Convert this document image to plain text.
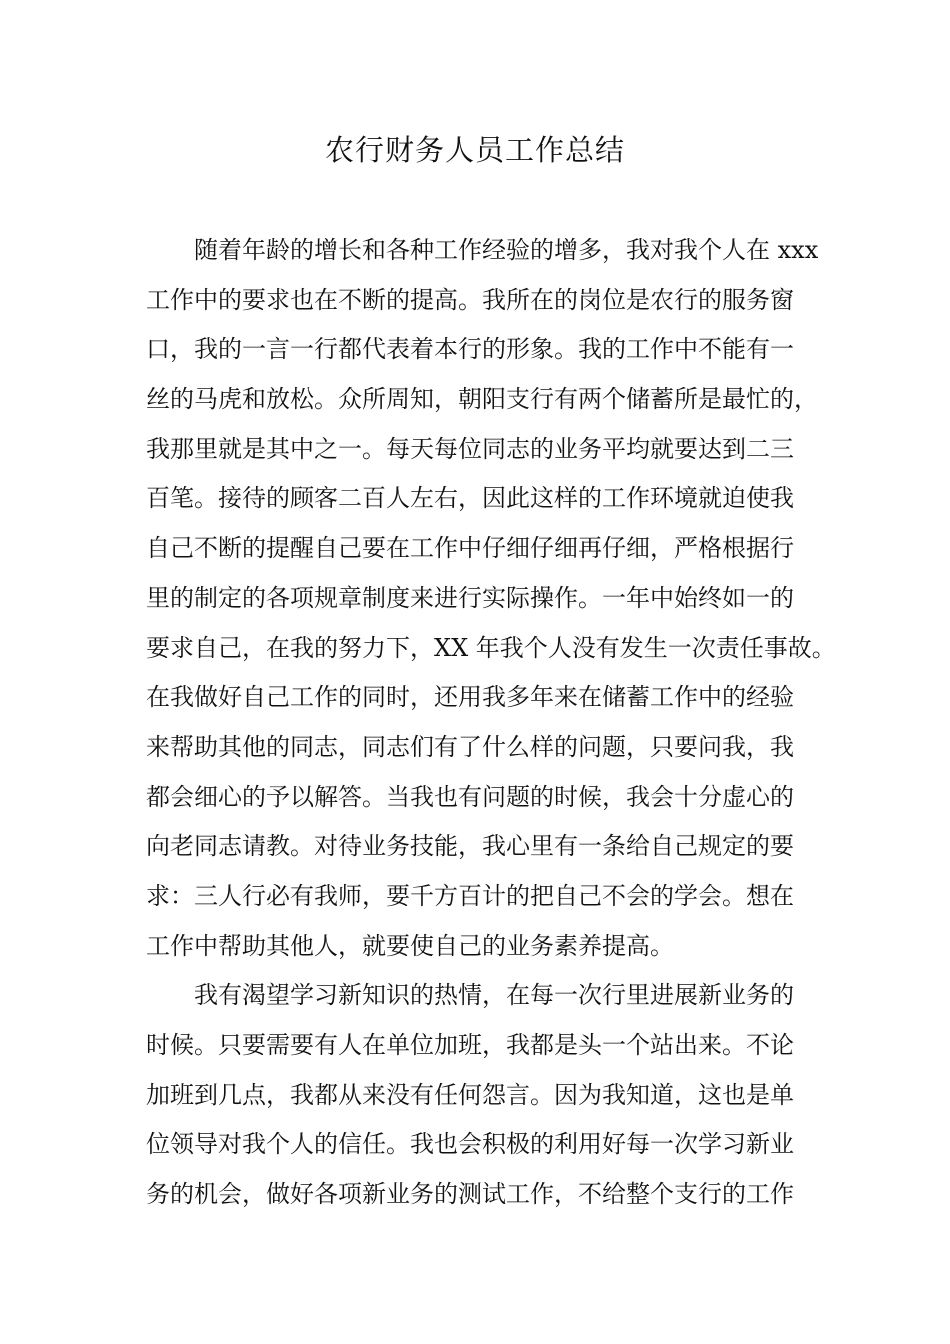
农行财务人员工作总结
随着年龄的增长和各种工作经验的增多，我对我个人在 xxx
工作中的要求也在不断的提高。我所在的岗位是农行的服务窗
口，我的一言一行都代表着本行的形象。我的工作中不能有一
丝的马虎和放松。众所周知，朝阳支行有两个储蓄所是最忙的，
我那里就是其中之一。每天每位同志的业务平均就要达到二三
百笔。接待的顾客二百人左右，因此这样的工作环境就迫使我
自己不断的提醒自己要在工作中仔细仔细再仔细，严格根据行
里的制定的各项规章制度来进行实际操作。一年中始终如一的
要求自己，在我的努力下，XX 年我个人没有发生一次责任事故。
在我做好自己工作的同时，还用我多年来在储蓄工作中的经验
来帮助其他的同志，同志们有了什么样的问题，只要问我，我
都会细心的予以解答。当我也有问题的时候，我会十分虚心的
向老同志请教。对待业务技能，我心里有一条给自己规定的要
求：三人行必有我师，要千方百计的把自己不会的学会。想在
工作中帮助其他人，就要使自己的业务素养提高。
我有渴望学习新知识的热情，在每一次行里进展新业务的
时候。只要需要有人在单位加班，我都是头一个站出来。不论
加班到几点，我都从来没有任何怨言。因为我知道，这也是单
位领导对我个人的信任。我也会积极的利用好每一次学习新业
务的机会，做好各项新业务的测试工作，不给整个支行的工作
